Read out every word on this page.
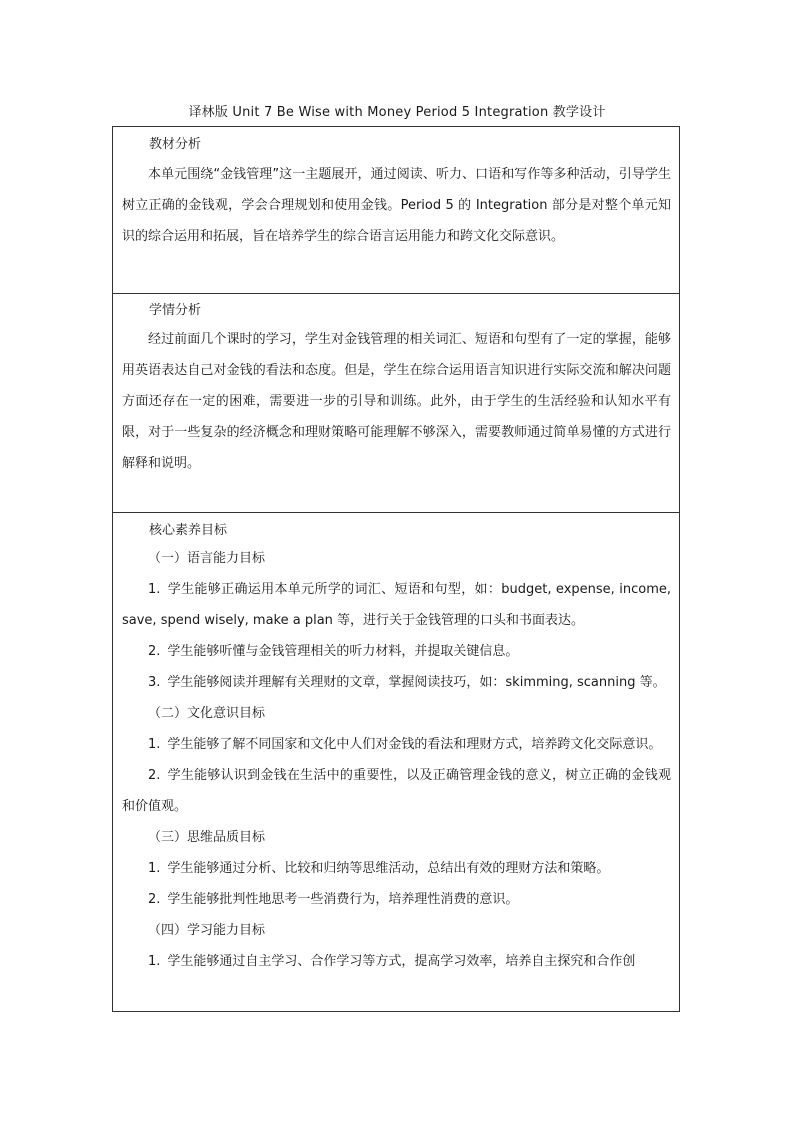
译林版 Unit 7 Be Wise with Money Period 5 Integration 教学设计
教材分析

本单元围绕“金钱管理”这一主题展开，通过阅读、听力、口语和写作等多种活动，引导学生树立正确的金钱观，学会合理规划和使用金钱。Period 5 的 Integration 部分是对整个单元知识的综合运用和拓展，旨在培养学生的综合语言运用能力和跨文化交际意识。

学情分析

经过前面几个课时的学习，学生对金钱管理的相关词汇、短语和句型有了一定的掌握，能够用英语表达自己对金钱的看法和态度。但是，学生在综合运用语言知识进行实际交流和解决问题方面还存在一定的困难，需要进一步的引导和训练。此外，由于学生的生活经验和认知水平有限，对于一些复杂的经济概念和理财策略可能理解不够深入，需要教师通过简单易懂的方式进行解释和说明。

核心素养目标

（一）语言能力目标

1. 学生能够正确运用本单元所学的词汇、短语和句型，如：budget, expense, income, save, spend wisely, make a plan 等，进行关于金钱管理的口头和书面表达。

2. 学生能够听懂与金钱管理相关的听力材料，并提取关键信息。

3. 学生能够阅读并理解有关理财的文章，掌握阅读技巧，如：skimming, scanning 等。

（二）文化意识目标

1. 学生能够了解不同国家和文化中人们对金钱的看法和理财方式，培养跨文化交际意识。

2. 学生能够认识到金钱在生活中的重要性，以及正确管理金钱的意义，树立正确的金钱观和价值观。

（三）思维品质目标

1. 学生能够通过分析、比较和归纳等思维活动，总结出有效的理财方法和策略。

2. 学生能够批判性地思考一些消费行为，培养理性消费的意识。

（四）学习能力目标

1. 学生能够通过自主学习、合作学习等方式，提高学习效率，培养自主探究和合作创
